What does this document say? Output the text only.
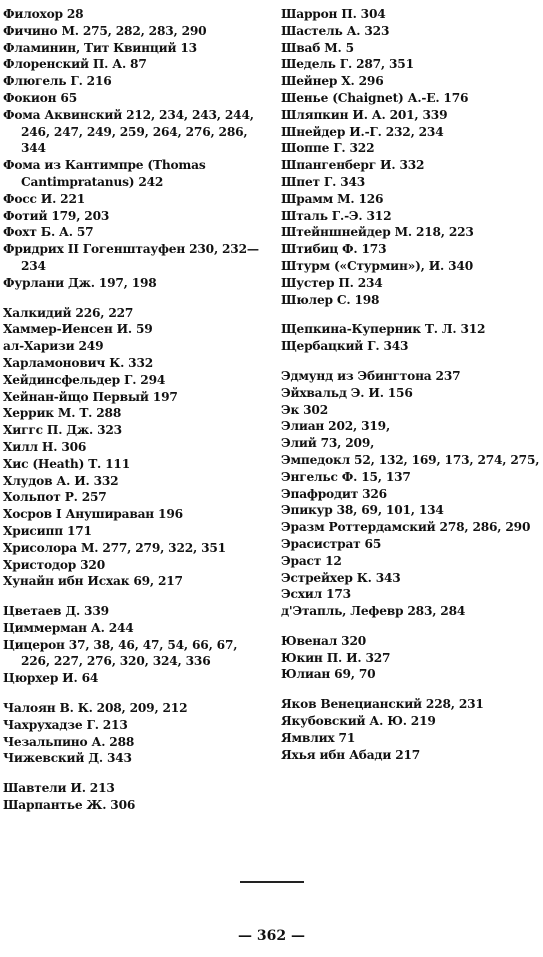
Филохор 28

Фичино М. 275, 282, 283, 290

Фламинин, Тит Квинций 13

Флоренский П. А. 87

Флюгель Г. 216

Фокион 65

Фома Аквинский 212, 234, 243, 244, 246, 247, 249, 259, 264, 276, 286, 344

Фома из Кантимпре (Thomas Cantimpratanus) 242

Фосс И. 221

Фотий 179, 203

Фохт Б. А. 57

Фридрих II Гогенштауфен 230, 232—234

Фурлани Дж. 197, 198

Халкидий 226, 227

Хаммер-Иенсен И. 59

ал-Харизи 249

Харламонович К. 332

Хейдинсфельдер Г. 294

Хейнан-йщо Первый 197

Херрик М. Т. 288

Хиггс П. Дж. 323

Хилл Н. 306

Хис (Heath) Т. 111

Хлудов А. И. 332

Хольпот Р. 257

Хосров I Анушираван 196

Хрисипп 171

Хрисолора М. 277, 279, 322, 351

Христодор 320

Хунайн ибн Исхак 69, 217

Цветаев Д. 339

Циммерман А. 244

Цицерон 37, 38, 46, 47, 54, 66, 67, 226, 227, 276, 320, 324, 336

Цюрхер И. 64

Чалоян В. К. 208, 209, 212

Чахрухадзе Г. 213

Чезальпино А. 288

Чижевский Д. 343

Шавтели И. 213

Шарпантье Ж. 306

Шаррон П. 304

Шастель А. 323

Шваб М. 5

Шедель Г. 287, 351

Шейнер Х. 296

Шенье (Chaignet) А.-Е. 176

Шляпкин И. А. 201, 339

Шнейдер И.-Г. 232, 234

Шоппе Г. 322

Шпангенберг И. 332

Шпет Г. 343

Шрамм М. 126

Шталь Г.-Э. 312

Штейншнейдер М. 218, 223

Штибиц Ф. 173

Штурм («Стурмин»), И. 340

Шустер П. 234

Шюлер С. 198

Щепкина-Куперник Т. Л. 312

Щербацкий Г. 343

Эдмунд из Эбингтона 237

Эйхвальд Э. И. 156

Эк 302

Элиан 202, 319,

Элий 73, 209,

Эмпедокл 52, 132, 169, 173, 274, 275,

Энгельс Ф. 15, 137

Эпафродит 326

Эпикур 38, 69, 101, 134

Эразм Роттердамский 278, 286, 290

Эрасистрат 65

Эраст 12

Эстрейхер К. 343

Эсхил 173

д'Этапль, Лефевр 283, 284

Ювенал 320

Юкин П. И. 327

Юлиан 69, 70

Яков Венецианский 228, 231

Якубовский А. Ю. 219

Ямвлих 71

Яхья ибн Абади 217

— 362 —
